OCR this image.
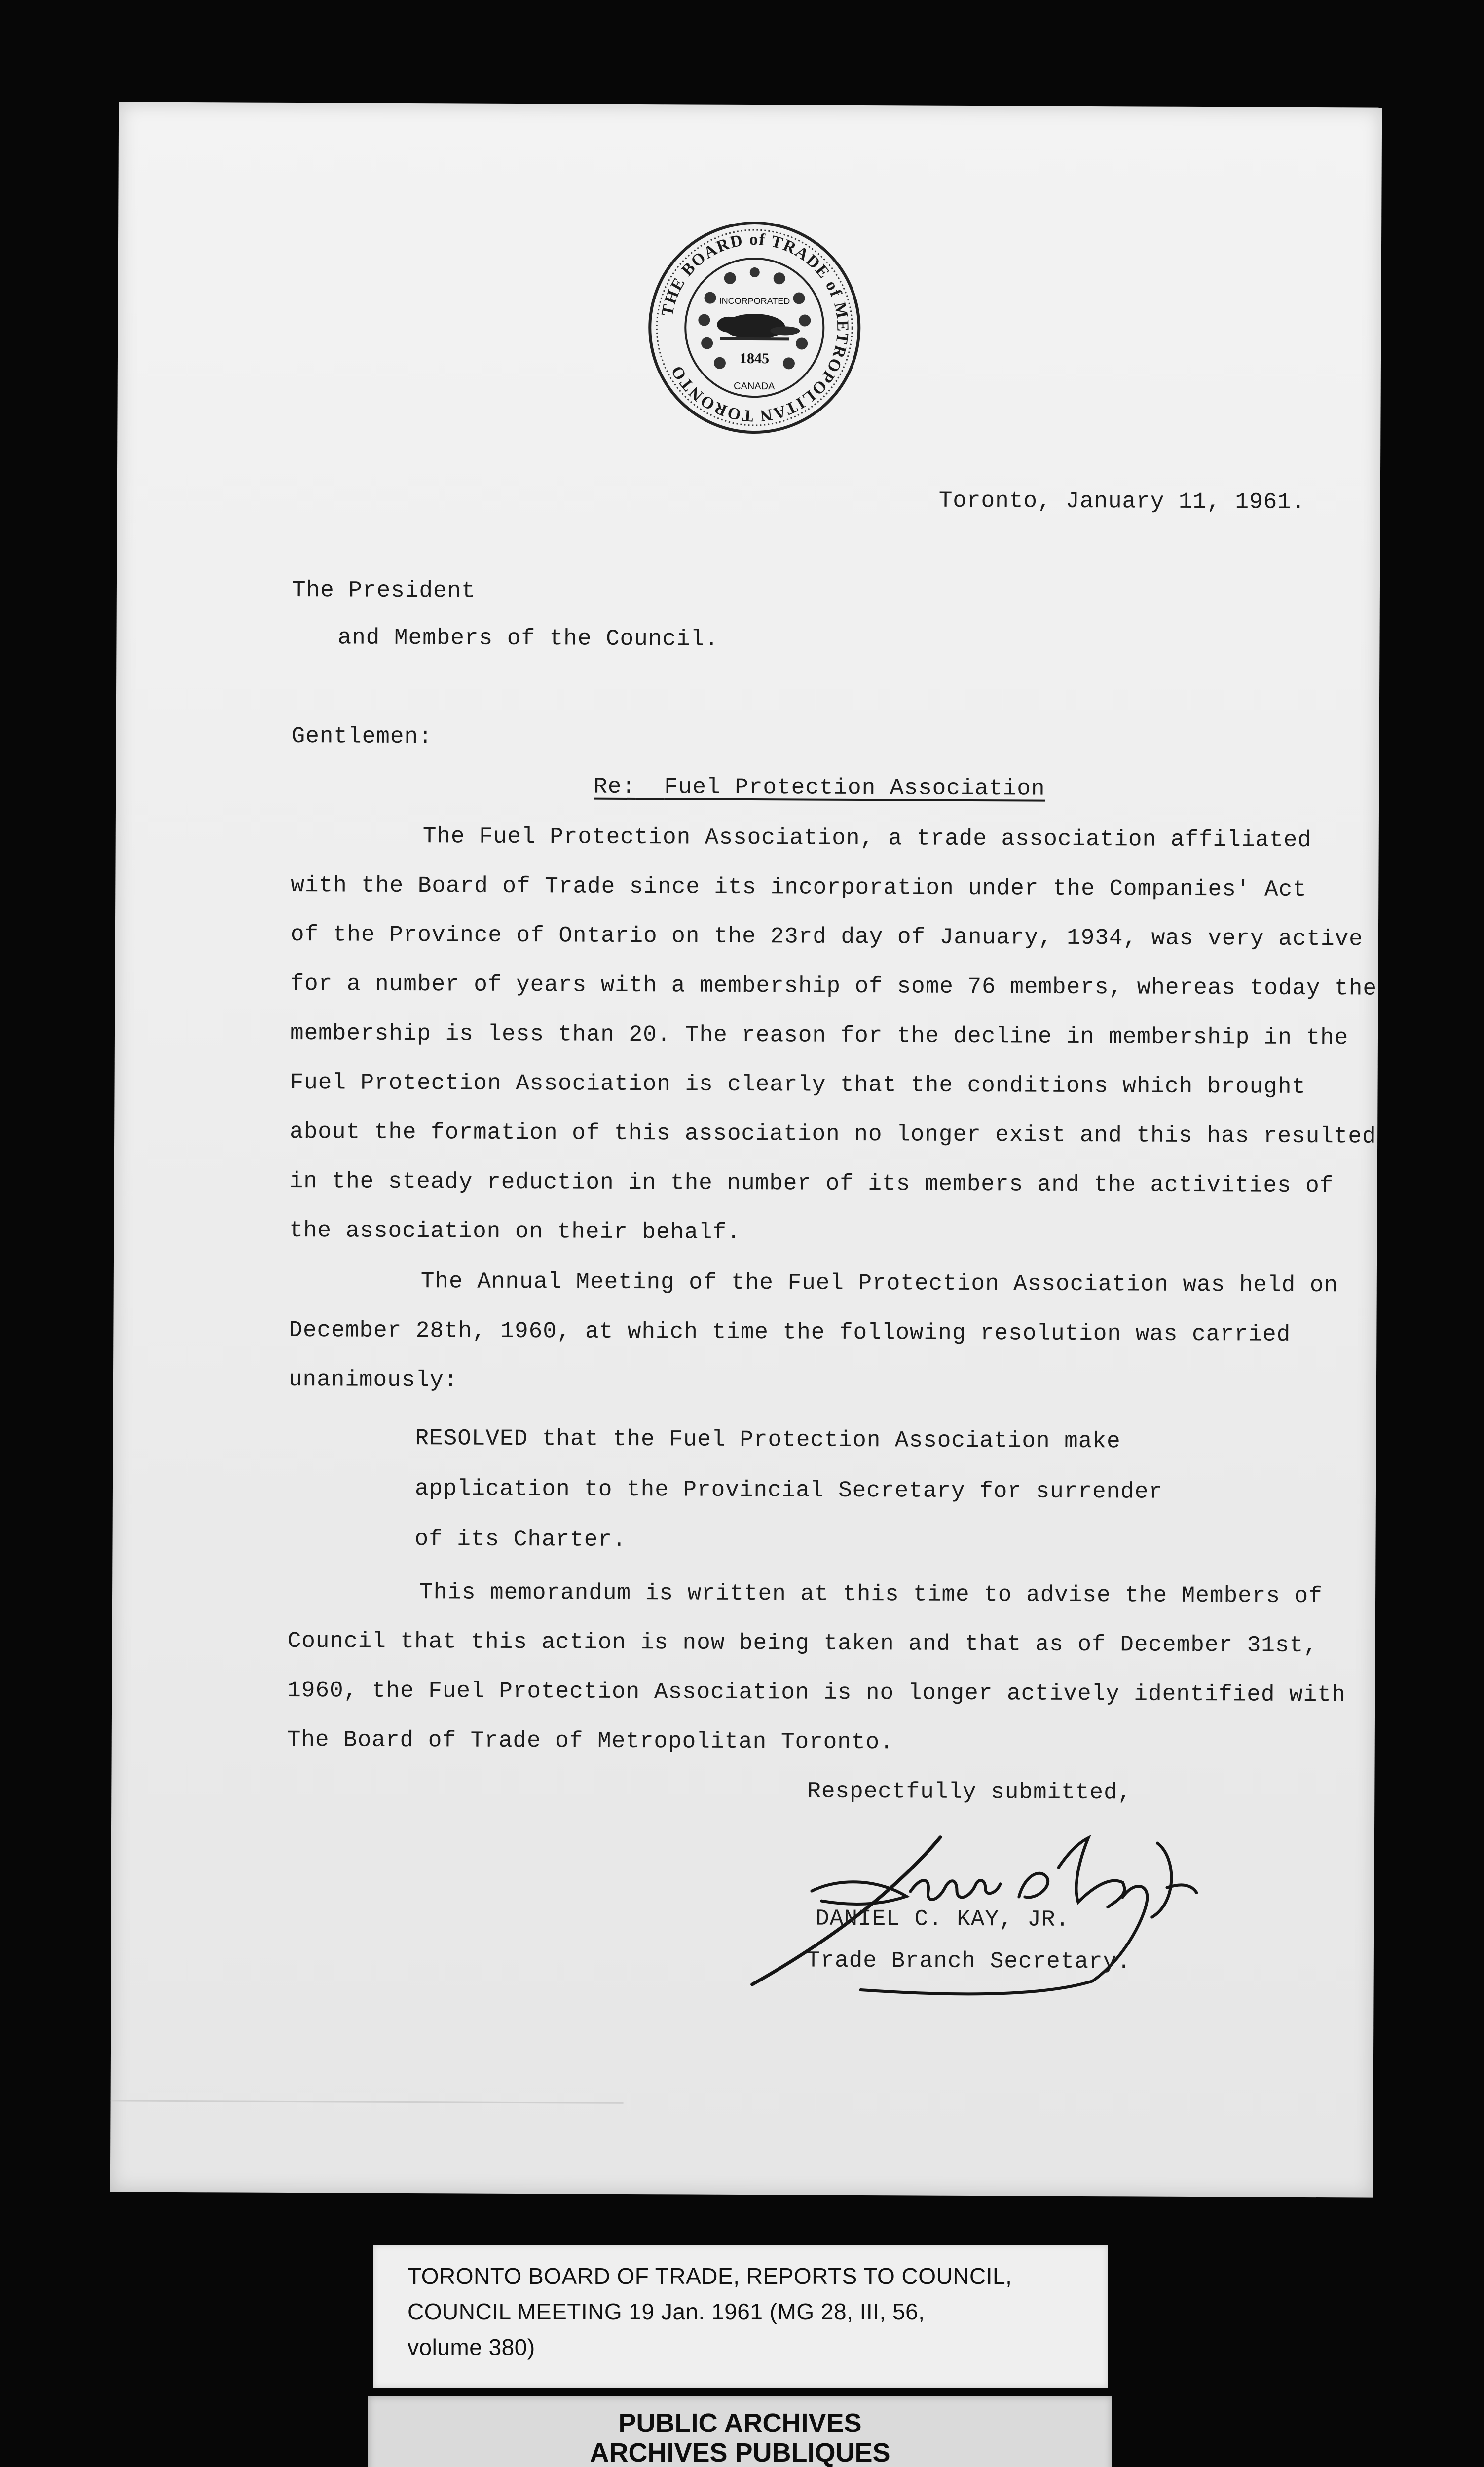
THE BOARD of TRADE of METROPOLITAN TORONTO
INCORPORATED
1845
CANADA
Toronto, January 11, 1961.
The President
and Members of the Council.
Gentlemen:
Re: Fuel Protection Association
The Fuel Protection Association, a trade association affiliated
with the Board of Trade since its incorporation under the Companies' Act
of the Province of Ontario on the 23rd day of January, 1934, was very active
for a number of years with a membership of some 76 members, whereas today the
membership is less than 20. The reason for the decline in membership in the
Fuel Protection Association is clearly that the conditions which brought
about the formation of this association no longer exist and this has resulted
in the steady reduction in the number of its members and the activities of
the association on their behalf.
The Annual Meeting of the Fuel Protection Association was held on
December 28th, 1960, at which time the following resolution was carried
unanimously:
RESOLVED that the Fuel Protection Association make
application to the Provincial Secretary for surrender
of its Charter.
This memorandum is written at this time to advise the Members of
Council that this action is now being taken and that as of December 31st,
1960, the Fuel Protection Association is no longer actively identified with
The Board of Trade of Metropolitan Toronto.
Respectfully submitted,
DANIEL C. KAY, JR.
Trade Branch Secretary.
TORONTO BOARD OF TRADE, REPORTS TO COUNCIL,
COUNCIL MEETING 19 Jan. 1961 (MG 28, III, 56,
volume 380)
PUBLIC ARCHIVES
ARCHIVES PUBLIQUES
